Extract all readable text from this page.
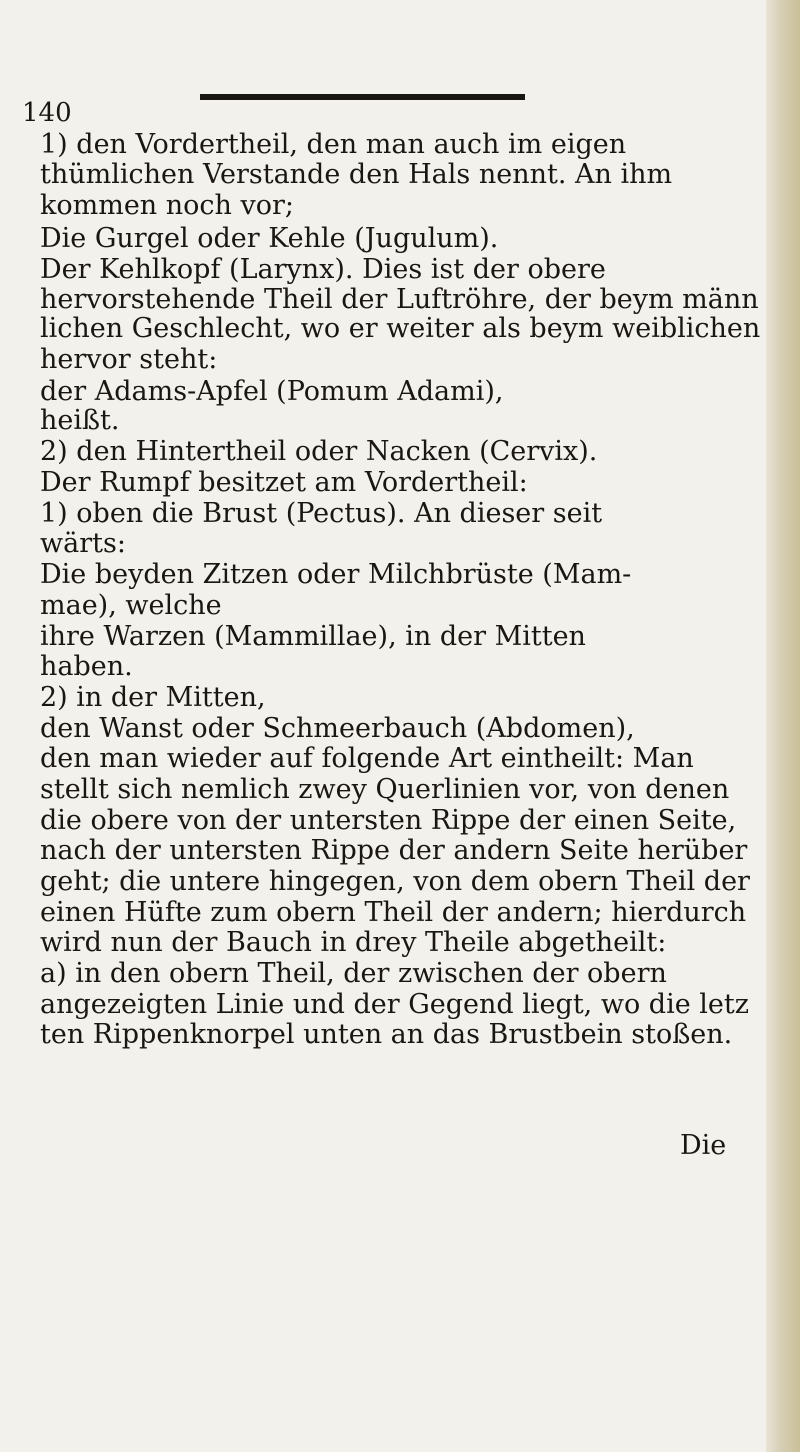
140
1) den Vordertheil, den man auch im eigen
thümlichen Verstande den Hals nennt. An ihm
kommen noch vor;
Die Gurgel oder Kehle (Jugulum).
Der Kehlkopf (Larynx). Dies ist der obere
hervorstehende Theil der Luftröhre, der beym männ
lichen Geschlecht, wo er weiter als beym weiblichen
hervor steht:
der Adams-Apfel (Pomum Adami),
heißt.
2) den Hintertheil oder Nacken (Cervix).
Der Rumpf besitzet am Vordertheil:
1) oben die Brust (Pectus). An dieser seit
wärts:
Die beyden Zitzen oder Milchbrüste (Mam-
mae), welche
ihre Warzen (Mammillae), in der Mitten
haben.
2) in der Mitten,
den Wanst oder Schmeerbauch (Abdomen),
den man wieder auf folgende Art eintheilt: Man
stellt sich nemlich zwey Querlinien vor, von denen
die obere von der untersten Rippe der einen Seite,
nach der untersten Rippe der andern Seite herüber
geht; die untere hingegen, von dem obern Theil der
einen Hüfte zum obern Theil der andern; hierdurch
wird nun der Bauch in drey Theile abgetheilt:
a) in den obern Theil, der zwischen der obern
angezeigten Linie und der Gegend liegt, wo die letz
ten Rippenknorpel unten an das Brustbein stoßen.
Die
